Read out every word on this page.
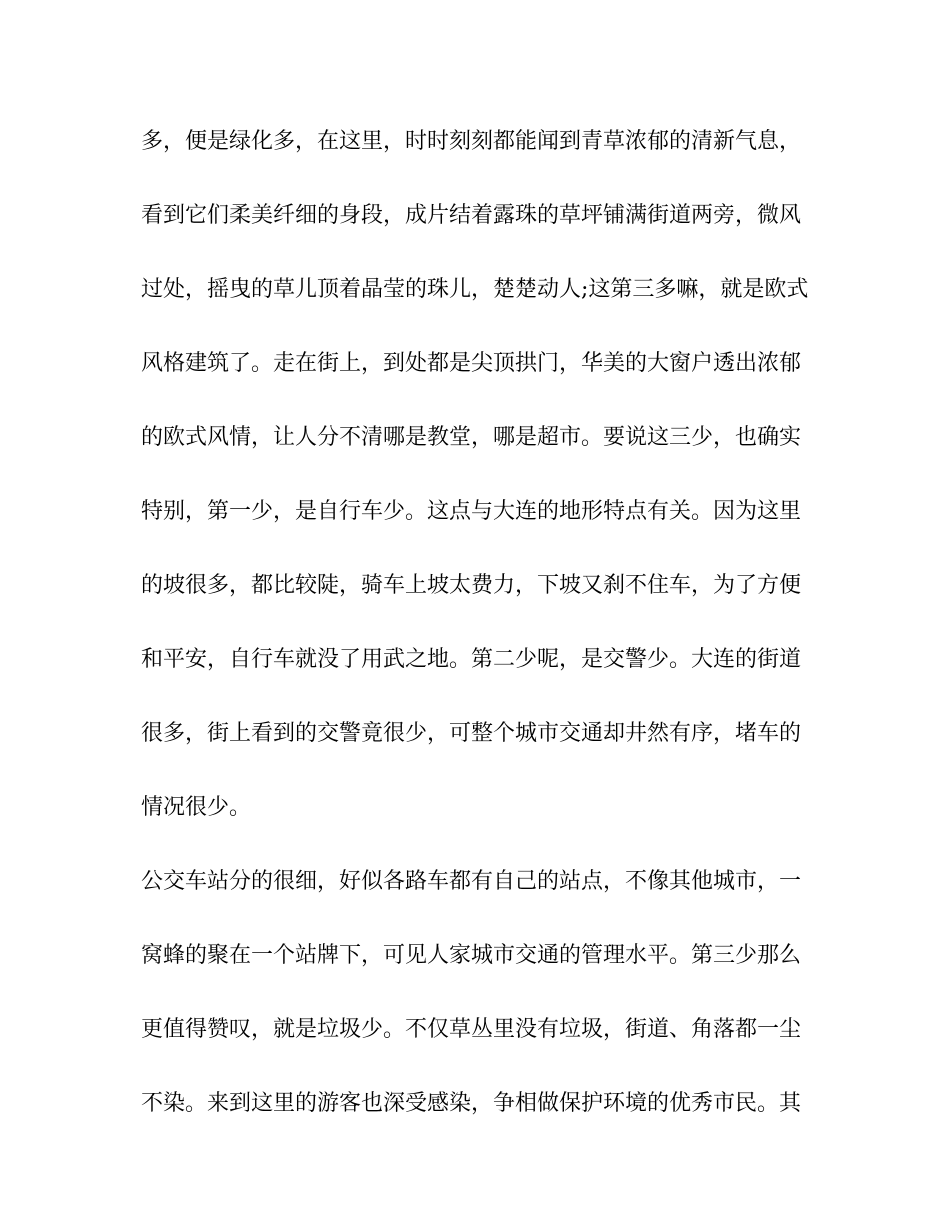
多，便是绿化多，在这里，时时刻刻都能闻到青草浓郁的清新气息，
看到它们柔美纤细的身段，成片结着露珠的草坪铺满街道两旁，微风
过处，摇曳的草儿顶着晶莹的珠儿，楚楚动人;这第三多嘛，就是欧式
风格建筑了。走在街上，到处都是尖顶拱门，华美的大窗户透出浓郁
的欧式风情，让人分不清哪是教堂，哪是超市。要说这三少，也确实
特别，第一少，是自行车少。这点与大连的地形特点有关。因为这里
的坡很多，都比较陡，骑车上坡太费力，下坡又刹不住车，为了方便
和平安，自行车就没了用武之地。第二少呢，是交警少。大连的街道
很多，街上看到的交警竟很少，可整个城市交通却井然有序，堵车的
情况很少。
公交车站分的很细，好似各路车都有自己的站点，不像其他城市，一
窝蜂的聚在一个站牌下，可见人家城市交通的管理水平。第三少那么
更值得赞叹，就是垃圾少。不仅草丛里没有垃圾，街道、角落都一尘
不染。来到这里的游客也深受感染，争相做保护环境的优秀市民。其
